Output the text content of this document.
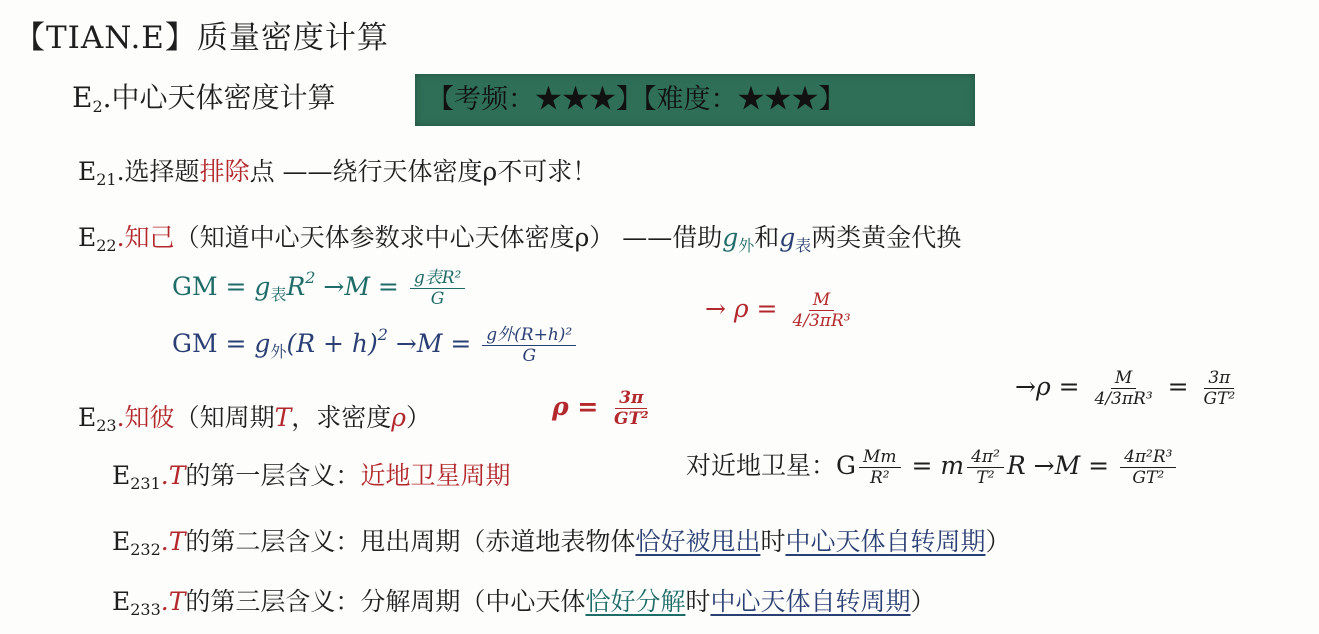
【TIAN.E】质量密度计算
$E_2$.中心天体密度计算	【考频：★★★】【难度：★★★】
$E_{21}$.选择题排除点 ——绕行天体密度ρ不可求！
$E_{22}$.知己（知道中心天体参数求中心天体密度ρ） ——借助$g_外$和$g_表$两类黄金代换
GM = $g_表R^2 \to M = \frac{\text{g表R²}}{G}$
GM = $g_外(R + h)^2 \to M = \frac{\text{g外(R+h)²}}{G}$
→ $\rho = \frac{M}{\text{4/3πR³}}$
$E_{23}$.知彼（知周期T，求密度ρ）	$\rho = \frac{3\pi}{\text{GT²}}$
$\to\rho = \frac{M}{\text{4/3πR³}} = \frac{3\pi}{\text{GT²}}$
$E_{231}.T$的第一层含义：近地卫星周期	对近地卫星：G $\frac{Mm}{\text{R²}} = m \frac{\text{4π²}}{\text{T²}}$ $R \to M = \frac{\text{4π²R³}}{\text{GT²}}$
$E_{232}.T$的第二层含义：甩出周期（赤道地表物体恰好被甩出时中心天体自转周期）
$E_{233}.T$的第三层含义：分解周期（中心天体恰好分解时中心天体自转周期）
